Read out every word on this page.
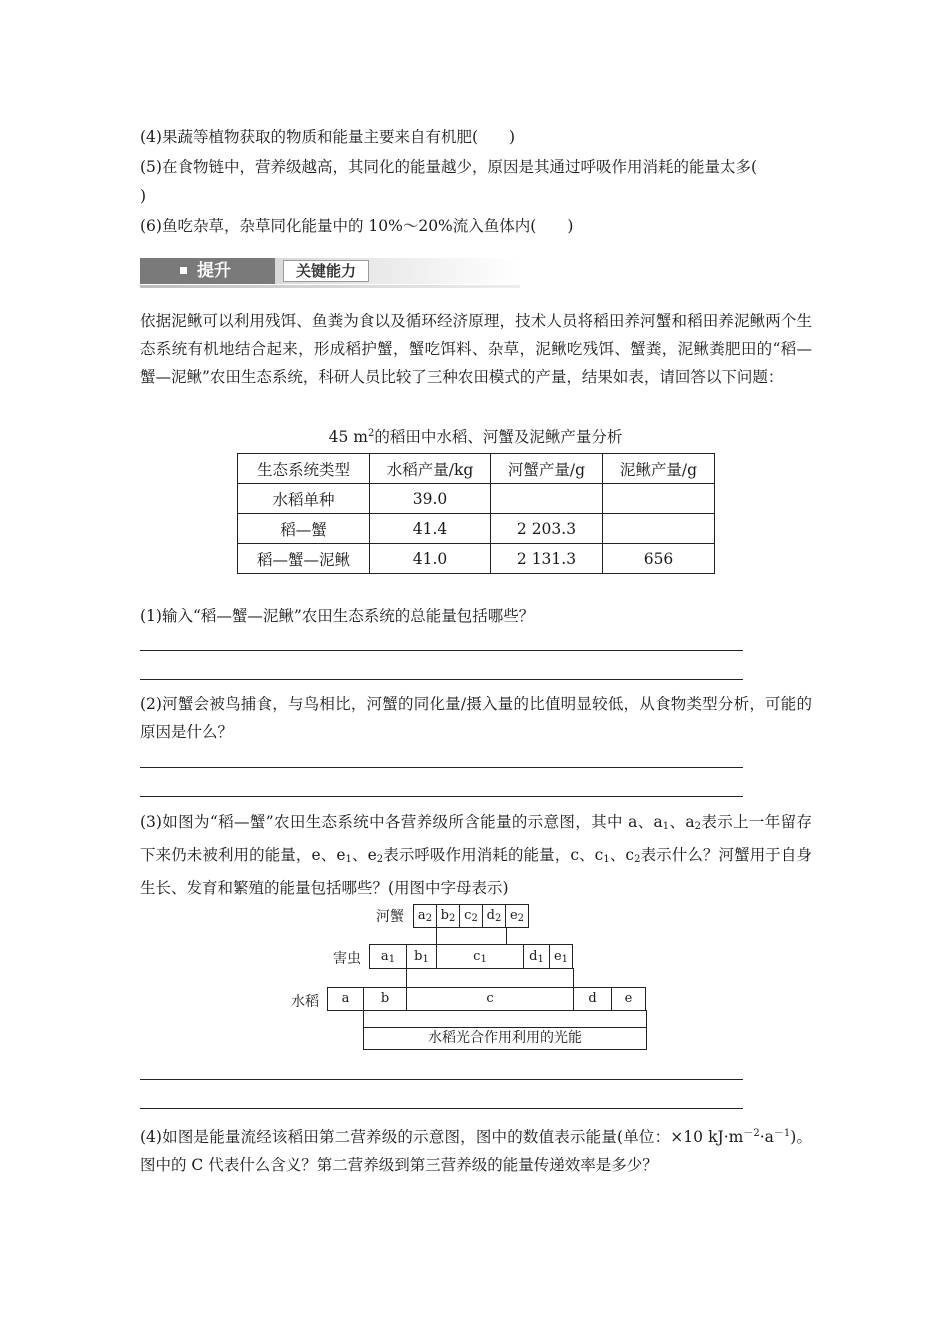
(4)果蔬等植物获取的物质和能量主要来自有机肥(　　)
(5)在食物链中，营养级越高，其同化的能量越少，原因是其通过呼吸作用消耗的能量太多(
)
(6)鱼吃杂草，杂草同化能量中的 10%～20%流入鱼体内(　　)
提升	关键能力
依据泥鳅可以利用残饵、鱼粪为食以及循环经济原理，技术人员将稻田养河蟹和稻田养泥鳅两个生态系统有机地结合起来，形成稻护蟹，蟹吃饵料、杂草，泥鳅吃残饵、蟹粪，泥鳅粪肥田的“稻—蟹—泥鳅”农田生态系统，科研人员比较了三种农田模式的产量，结果如表，请回答以下问题：
45 $m^2$的稻田中水稻、河蟹及泥鳅产量分析
生态系统类型	水稻产量/kg	河蟹产量/g	泥鳅产量/g
水稻单种	39.0		
稻—蟹	41.4	2 203.3	
稻—蟹—泥鳅	41.0	2 131.3	656
(1)输入“稻—蟹—泥鳅”农田生态系统的总能量包括哪些？
(2)河蟹会被鸟捕食，与鸟相比，河蟹的同化量/摄入量的比值明显较低，从食物类型分析，可能的原因是什么？
(3)如图为“稻—蟹”农田生态系统中各营养级所含能量的示意图，其中 a、$a_1$、$a_2$表示上一年留存下来仍未被利用的能量，e、$e_1$、$e_2$表示呼吸作用消耗的能量，c、$c_1$、$c_2$表示什么？河蟹用于自身生长、发育和繁殖的能量包括哪些？(用图中字母表示)
河蟹
害虫
水稻
$a_2$ $b_2$ $c_2$ $d_2$ $e_2$
$a_1$	$b_1$	$c_1$	$d_1$ $e_1$
a	b	c	d	e
水稻光合作用利用的光能
(4)如图是能量流经该稻田第二营养级的示意图，图中的数值表示能量(单位：×10 $kJ\cdot m^{-2}\cdot a^{-1}$)。图中的 C 代表什么含义？第二营养级到第三营养级的能量传递效率是多少？
